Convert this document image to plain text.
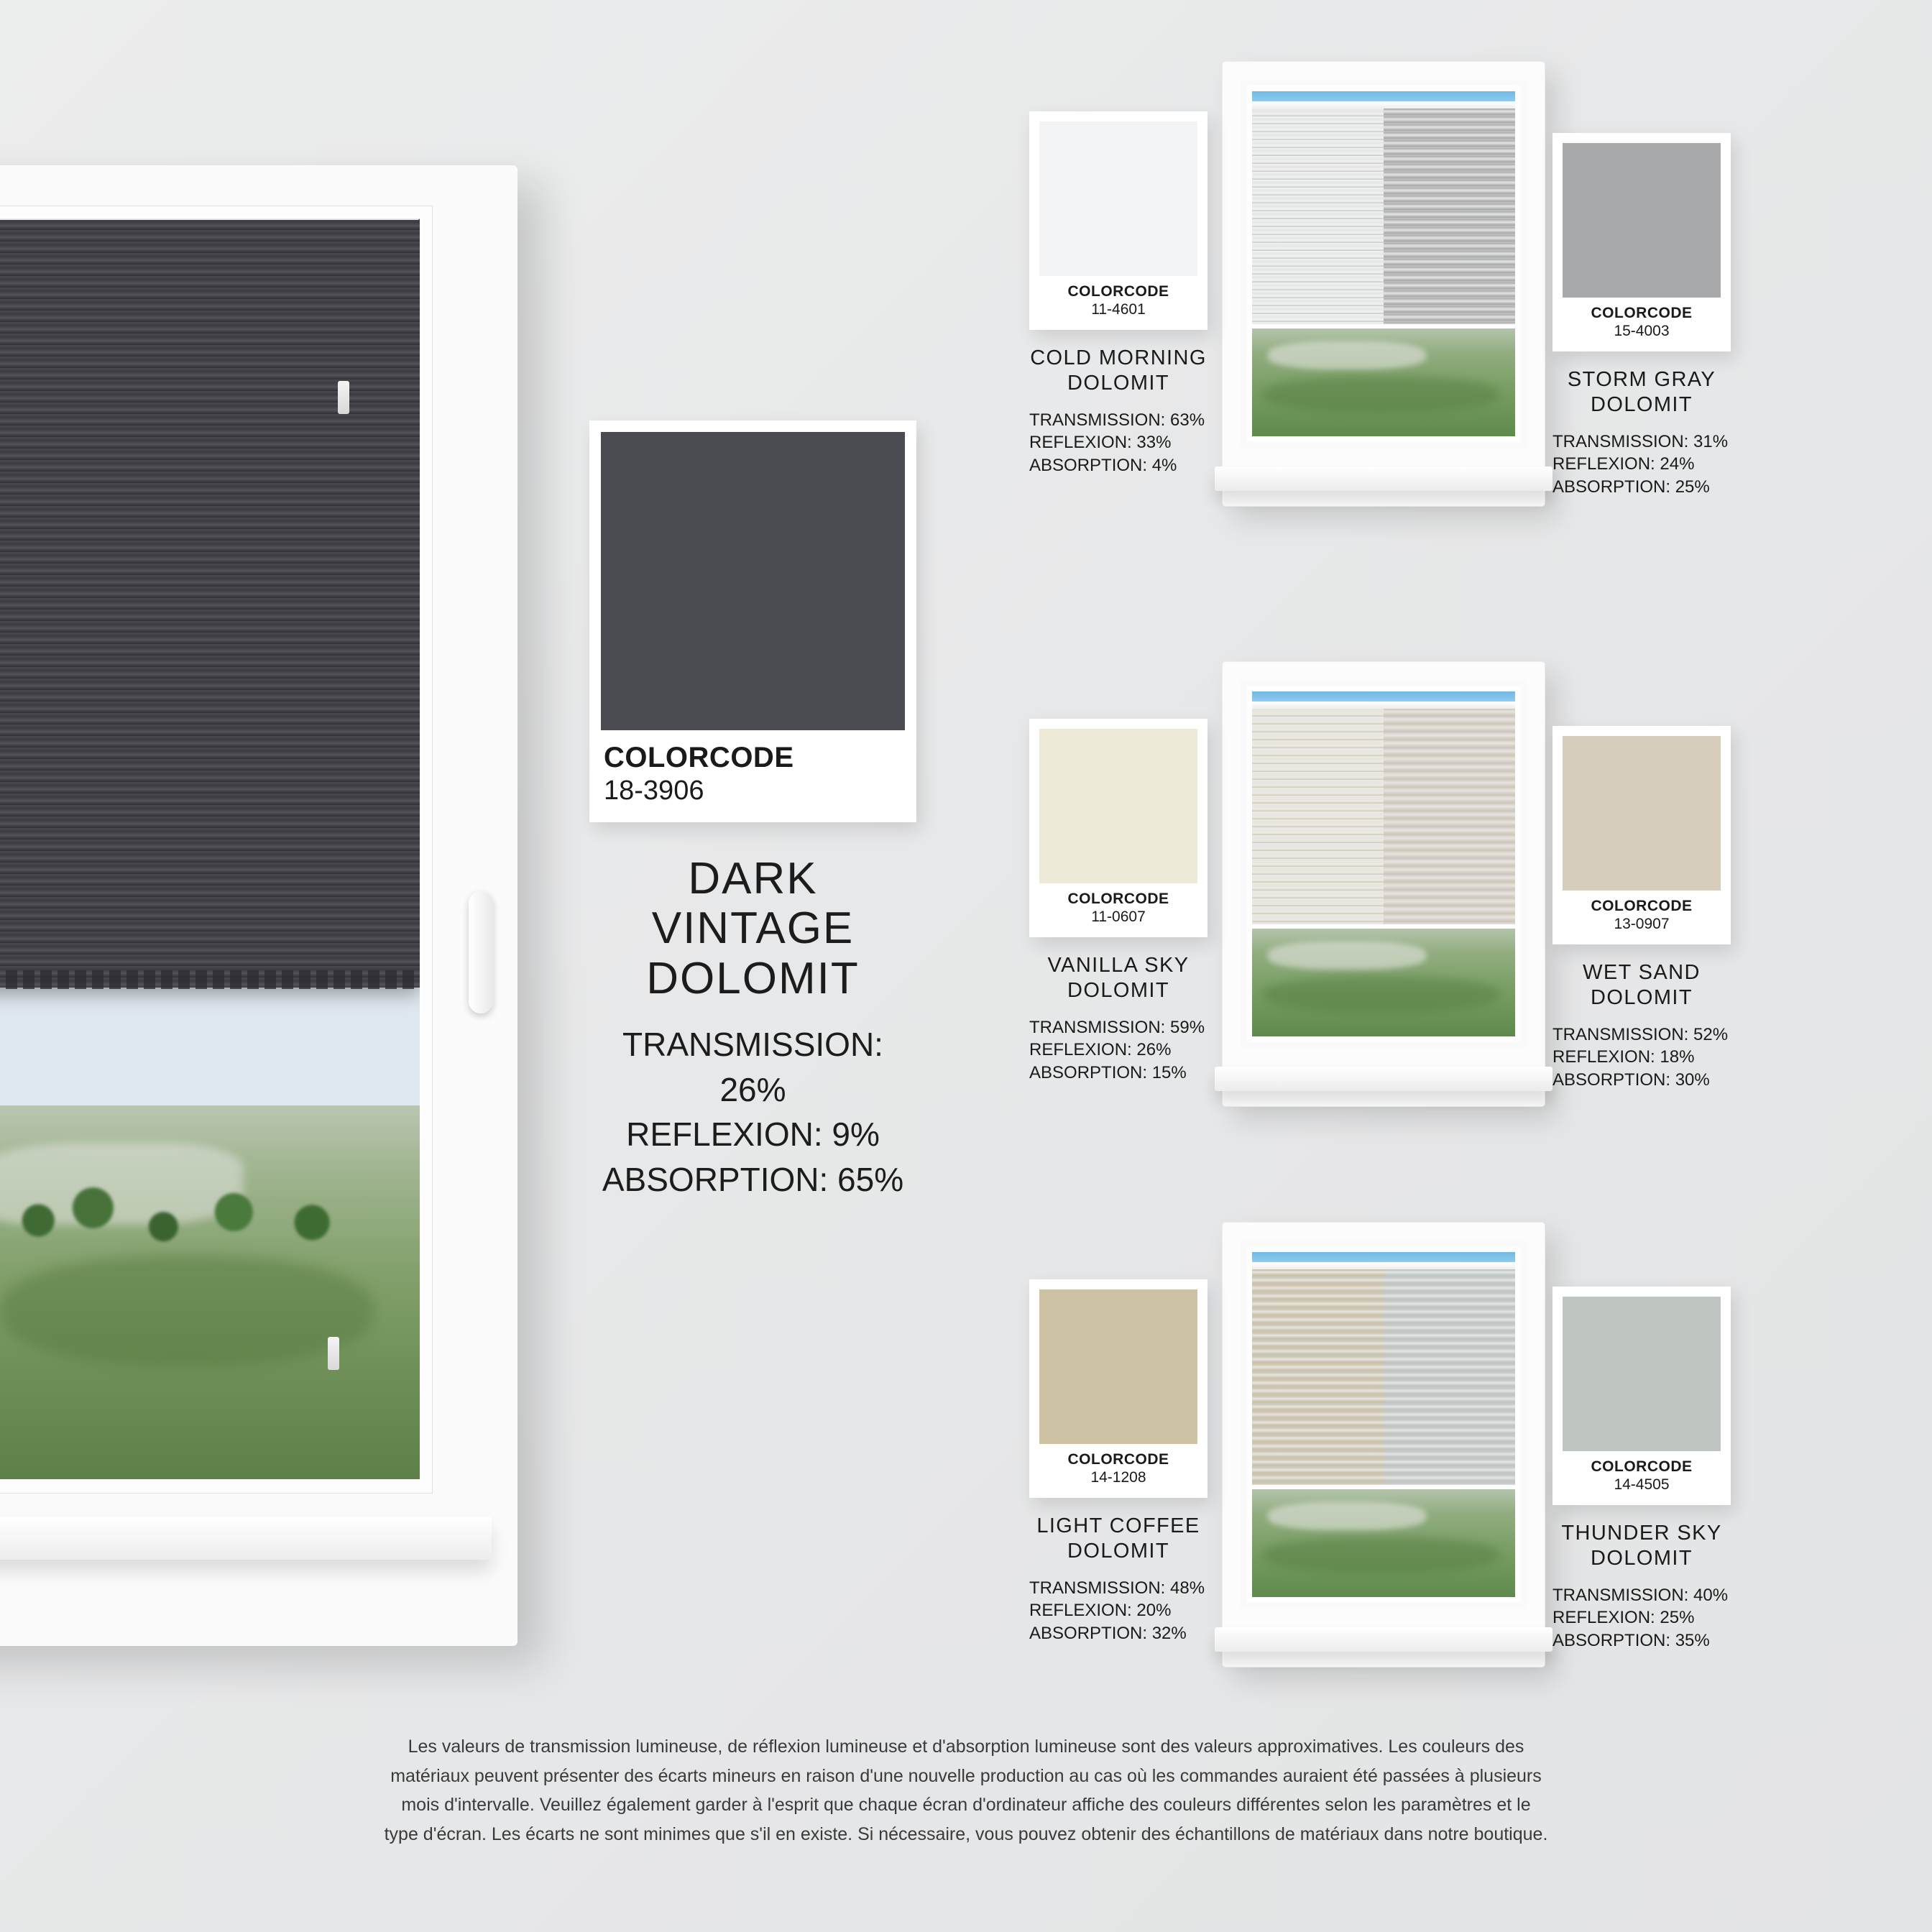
COLORCODE
18-3906
DARK VINTAGE
DOLOMIT
TRANSMISSION: 26%
REFLEXION: 9%
ABSORPTION: 65%
COLORCODE
11-4601
COLD MORNING
DOLOMIT
TRANSMISSION: 63%
REFLEXION: 33%
ABSORPTION: 4%
COLORCODE
15-4003
STORM GRAY
DOLOMIT
TRANSMISSION: 31%
REFLEXION: 24%
ABSORPTION: 25%
COLORCODE
11-0607
VANILLA SKY
DOLOMIT
TRANSMISSION: 59%
REFLEXION: 26%
ABSORPTION: 15%
COLORCODE
13-0907
WET SAND
DOLOMIT
TRANSMISSION: 52%
REFLEXION: 18%
ABSORPTION: 30%
COLORCODE
14-1208
LIGHT COFFEE
DOLOMIT
TRANSMISSION: 48%
REFLEXION: 20%
ABSORPTION: 32%
COLORCODE
14-4505
THUNDER SKY
DOLOMIT
TRANSMISSION: 40%
REFLEXION: 25%
ABSORPTION: 35%
Les valeurs de transmission lumineuse, de réflexion lumineuse et d'absorption lumineuse sont des valeurs approximatives. Les couleurs des
matériaux peuvent présenter des écarts mineurs en raison d'une nouvelle production au cas où les commandes auraient été passées à plusieurs
mois d'intervalle. Veuillez également garder à l'esprit que chaque écran d'ordinateur affiche des couleurs différentes selon les paramètres et le
type d'écran. Les écarts ne sont minimes que s'il en existe. Si nécessaire, vous pouvez obtenir des échantillons de matériaux dans notre boutique.
